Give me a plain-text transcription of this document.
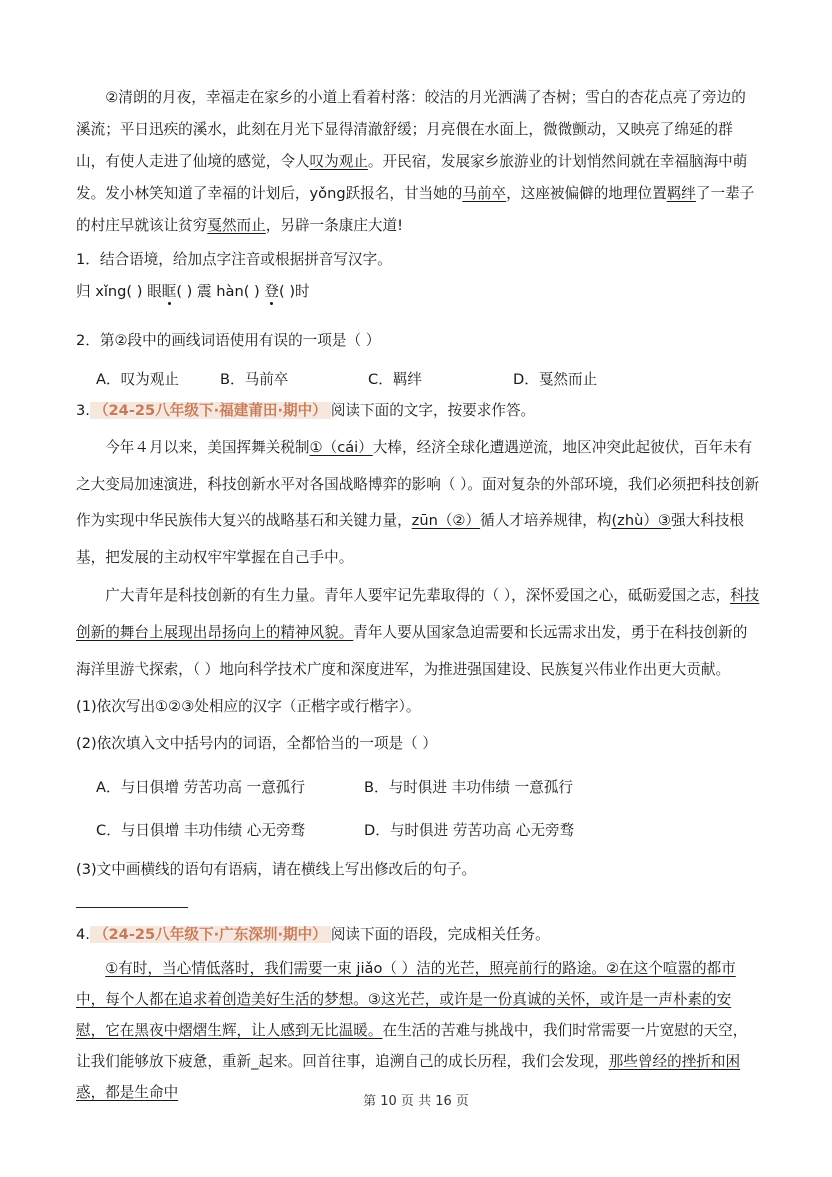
②清朗的月夜，幸福走在家乡的小道上看着村落：皎洁的月光洒满了杏树；雪白的杏花点亮了旁边的溪流；平日迅疾的溪水，此刻在月光下显得清澈舒缓；月亮偎在水面上，微微颤动，又映亮了绵延的群山，有使人走进了仙境的感觉，令人叹为观止。开民宿，发展家乡旅游业的计划悄然间就在幸福脑海中萌发。发小林笑知道了幸福的计划后，yǒng跃报名，甘当她的马前卒，这座被偏僻的地理位置羁绊了一辈子的村庄早就该让贫穷戛然而止，另辟一条康庄大道!

1．结合语境，给加点字注音或根据拼音写汉字。

归 xǐng( ) 眼眶( ) 震 hàn( ) 登( )时

2．第②段中的画线词语使用有误的一项是（ ）

A．叹为观止	B．马前卒	C．羁绊	D．戛然而止

3. （24-25八年级下·福建莆田·期中） 阅读下面的文字，按要求作答。

今年４月以来，美国挥舞关税制①（cái）大棒，经济全球化遭遇逆流，地区冲突此起彼伏，百年未有之大变局加速演进，科技创新水平对各国战略博弈的影响（ ）。面对复杂的外部环境，我们必须把科技创新作为实现中华民族伟大复兴的战略基石和关键力量，zūn（②）循人才培养规律，构(zhù）③强大科技根基，把发展的主动权牢牢掌握在自己手中。

广大青年是科技创新的有生力量。青年人要牢记先辈取得的（ ），深怀爱国之心，砥砺爱国之志，科技创新的舞台上展现出昂扬向上的精神风貌。青年人要从国家急迫需要和长远需求出发，勇于在科技创新的海洋里游弋探索，（ ）地向科学技术广度和深度进军，为推进强国建设、民族复兴伟业作出更大贡献。

(1)依次写出①②③处相应的汉字（正楷字或行楷字）。

(2)依次填入文中括号内的词语，全都恰当的一项是（ ）

A．与日俱增 劳苦功高 一意孤行	B．与时俱进 丰功伟绩 一意孤行

C．与日俱增 丰功伟绩 心无旁骛	D．与时俱进 劳苦功高 心无旁骛

(3)文中画横线的语句有语病，请在横线上写出修改后的句子。

4. （24-25八年级下·广东深圳·期中） 阅读下面的语段，完成相关任务。

①有时，当心情低落时，我们需要一束 jiǎo（ ）洁的光芒，照亮前行的路途。②在这个喧嚣的都市中，每个人都在追求着创造美好生活的梦想。③这光芒，或许是一份真诚的关怀，或许是一声朴素的安慰，它在黑夜中熠熠生辉，让人感到无比温暖。在生活的苦难与挑战中，我们时常需要一片宽慰的天空，让我们能够放下疲惫，重新_起来。回首往事，追溯自己的成长历程，我们会发现，那些曾经的挫折和困惑，都是生命中

第 10 页 共 16 页
